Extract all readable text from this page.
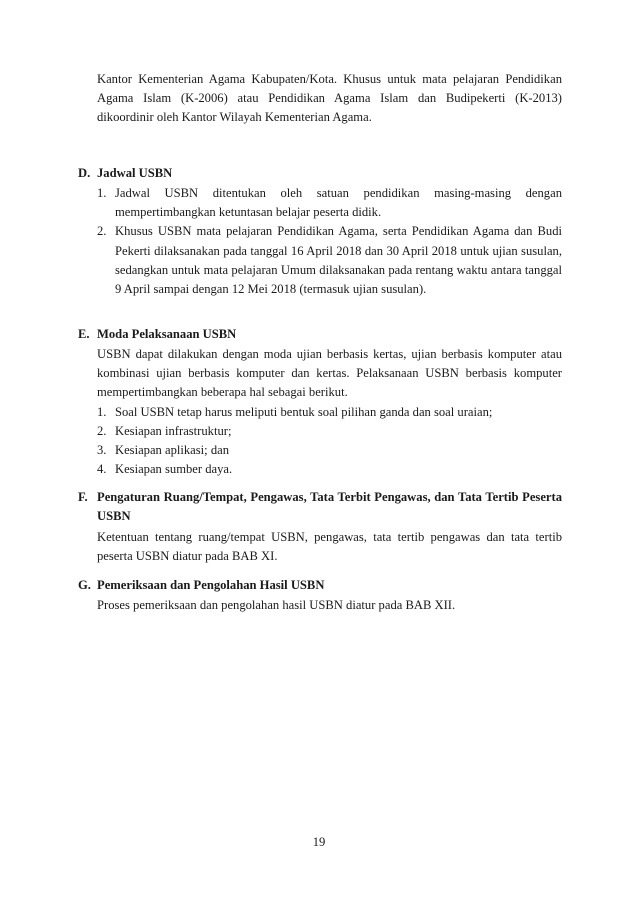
Kantor Kementerian Agama Kabupaten/Kota. Khusus untuk mata pelajaran Pendidikan Agama Islam (K-2006) atau Pendidikan Agama Islam dan Budipekerti (K-2013) dikoordinir oleh Kantor Wilayah Kementerian Agama.

D. Jadwal USBN
1. Jadwal USBN ditentukan oleh satuan pendidikan masing-masing dengan mempertimbangkan ketuntasan belajar peserta didik.
2. Khusus USBN mata pelajaran Pendidikan Agama, serta Pendidikan Agama dan Budi Pekerti dilaksanakan pada tanggal 16 April 2018 dan 30 April 2018 untuk ujian susulan, sedangkan untuk mata pelajaran Umum dilaksanakan pada rentang waktu antara tanggal 9 April sampai dengan 12 Mei 2018 (termasuk ujian susulan).
E. Moda Pelaksanaan USBN

USBN dapat dilakukan dengan moda ujian berbasis kertas, ujian berbasis komputer atau kombinasi ujian berbasis komputer dan kertas. Pelaksanaan USBN berbasis komputer mempertimbangkan beberapa hal sebagai berikut.

1. Soal USBN tetap harus meliputi bentuk soal pilihan ganda dan soal uraian;
2. Kesiapan infrastruktur;
3. Kesiapan aplikasi; dan
4. Kesiapan sumber daya.
F. Pengaturan Ruang/Tempat, Pengawas, Tata Terbit Pengawas, dan Tata Tertib Peserta USBN

Ketentuan tentang ruang/tempat USBN, pengawas, tata tertib pengawas dan tata tertib peserta USBN diatur pada BAB XI.

G. Pemeriksaan dan Pengolahan Hasil USBN

Proses pemeriksaan dan pengolahan hasil USBN diatur pada BAB XII.

19
